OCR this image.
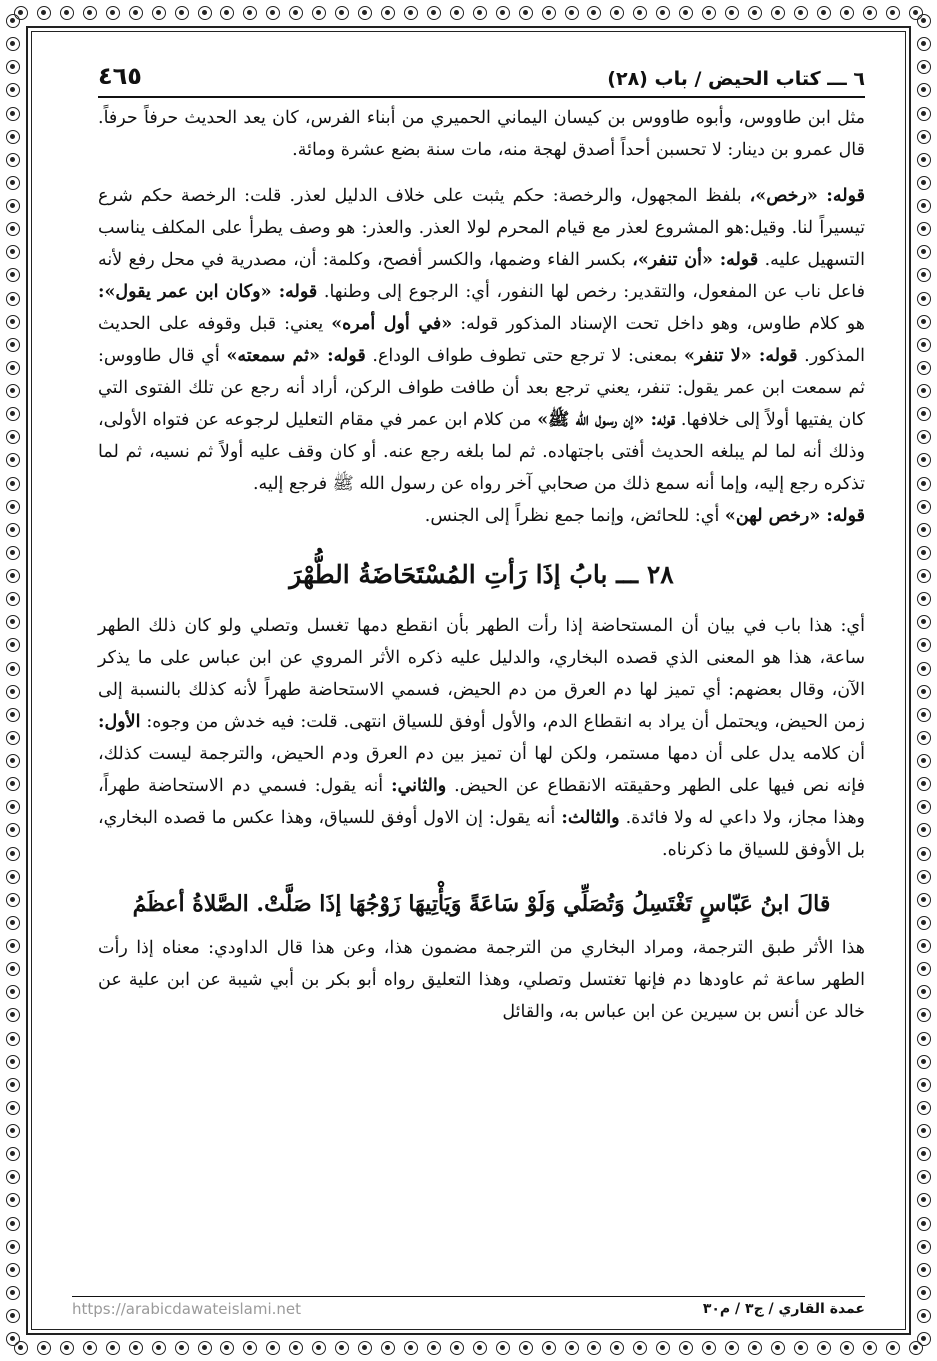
٦ ـــ كتاب الحيض / باب (٢٨)
٤٦٥

مثل ابن طاووس، وأبوه طاووس بن كيسان اليماني الحميري من أبناء الفرس، كان يعد الحديث حرفاً حرفاً. قال عمرو بن دينار: لا تحسبن أحداً أصدق لهجة منه، مات سنة بضع عشرة ومائة.

قوله: «رخص»، بلفظ المجهول، والرخصة: حكم يثبت على خلاف الدليل لعذر. قلت: الرخصة حكم شرع تيسيراً لنا. وقيل:هو المشروع لعذر مع قيام المحرم لولا العذر. والعذر: هو وصف يطرأ على المكلف يناسب التسهيل عليه. قوله: «أن تنفر»، بكسر الفاء وضمها، والكسر أفصح، وكلمة: أن، مصدرية في محل رفع لأنه فاعل ناب عن المفعول، والتقدير: رخص لها النفور، أي: الرجوع إلى وطنها. قوله: «وكان ابن عمر يقول»: هو كلام طاوس، وهو داخل تحت الإسناد المذكور قوله: «في أول أمره» يعني: قبل وقوفه على الحديث المذكور. قوله: «لا تنفر» بمعنى: لا ترجع حتى تطوف طواف الوداع. قوله: «ثم سمعته» أي قال طاووس: ثم سمعت ابن عمر يقول: تنفر، يعني ترجع بعد أن طافت طواف الركن، أراد أنه رجع عن تلك الفتوى التي كان يفتيها أولاً إلى خلافها. قوله: «إن رسول الله ﷺ» من كلام ابن عمر في مقام التعليل لرجوعه عن فتواه الأولى، وذلك أنه لما لم يبلغه الحديث أفتى باجتهاده. ثم لما بلغه رجع عنه. أو كان وقف عليه أولاً ثم نسيه، ثم لما تذكره رجع إليه، وإما أنه سمع ذلك من صحابي آخر رواه عن رسول الله ﷺ فرجع إليه.

قوله: «رخص لهن» أي: للحائض، وإنما جمع نظراً إلى الجنس.

٢٨ ـــ بابُ إذَا رَأتِ المُسْتَحَاضَةُ الطُّهْرَ

أي: هذا باب في بيان أن المستحاضة إذا رأت الطهر بأن انقطع دمها تغسل وتصلي ولو كان ذلك الطهر ساعة، هذا هو المعنى الذي قصده البخاري، والدليل عليه ذكره الأثر المروي عن ابن عباس على ما يذكر الآن، وقال بعضهم: أي تميز لها دم العرق من دم الحيض، فسمي الاستحاضة طهراً لأنه كذلك بالنسبة إلى زمن الحيض، ويحتمل أن يراد به انقطاع الدم، والأول أوفق للسياق انتهى. قلت: فيه خدش من وجوه: الأول: أن كلامه يدل على أن دمها مستمر، ولكن لها أن تميز بين دم العرق ودم الحيض، والترجمة ليست كذلك، فإنه نص فيها على الطهر وحقيقته الانقطاع عن الحيض. والثاني: أنه يقول: فسمي دم الاستحاضة طهراً، وهذا مجاز، ولا داعي له ولا فائدة. والثالث: أنه يقول: إن الاول أوفق للسياق، وهذا عكس ما قصده البخاري، بل الأوفق للسياق ما ذكرناه.

قالَ ابنُ عَبّاسٍ تَغْتَسِلُ وَتُصَلِّي وَلَوْ سَاعَةً وَيَأْتِيهَا زَوْجُهَا إذَا صَلَّتْ. الصَّلاةُ أعظَمُ

هذا الأثر طبق الترجمة، ومراد البخاري من الترجمة مضمون هذا، وعن هذا قال الداودي: معناه إذا رأت الطهر ساعة ثم عاودها دم فإنها تغتسل وتصلي، وهذا التعليق رواه أبو بكر بن أبي شيبة عن ابن علية عن خالد عن أنس بن سيرين عن ابن عباس به، والقائل

عمدة القاري / ج٣ / م٣٠
https://arabicdawateislami.net
